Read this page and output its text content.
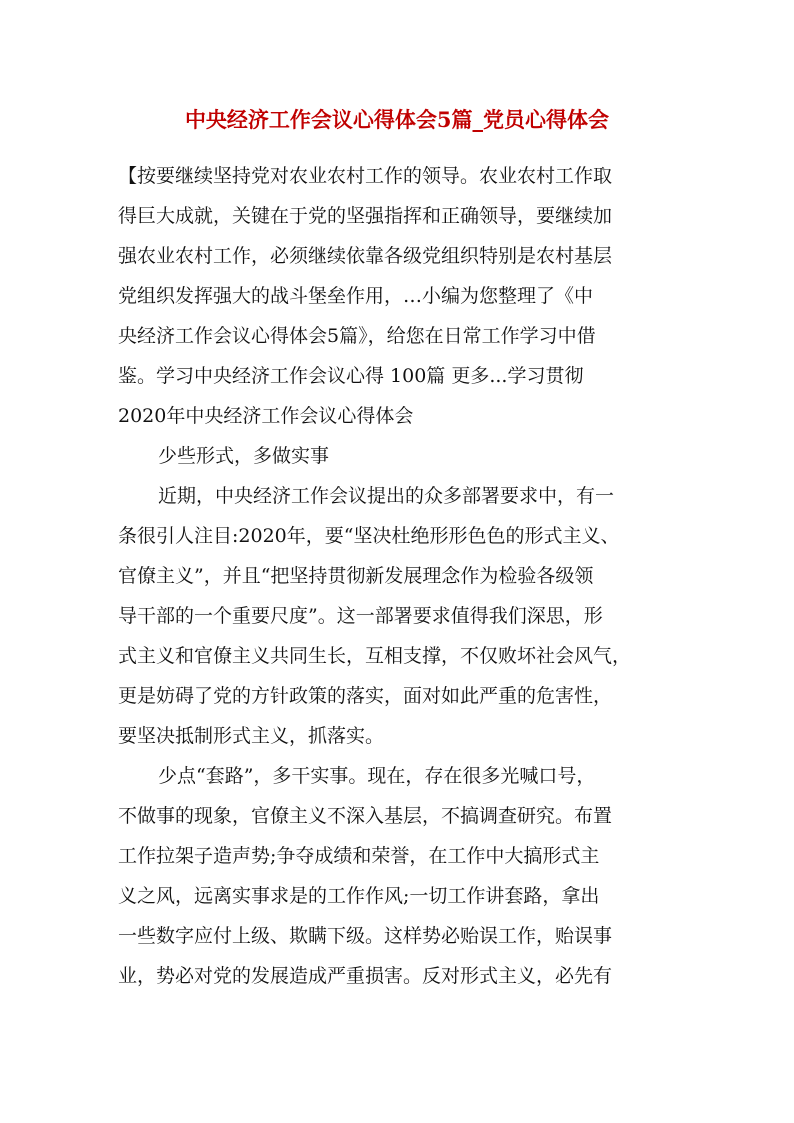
中央经济工作会议心得体会5篇_党员心得体会
【按要继续坚持党对农业农村工作的领导。农业农村工作取
得巨大成就，关键在于党的坚强指挥和正确领导，要继续加
强农业农村工作，必须继续依靠各级党组织特别是农村基层
党组织发挥强大的战斗堡垒作用，…小编为您整理了《中
央经济工作会议心得体会5篇》，给您在日常工作学习中借
鉴。学习中央经济工作会议心得 100篇 更多...学习贯彻
2020年中央经济工作会议心得体会
少些形式，多做实事
近期，中央经济工作会议提出的众多部署要求中，有一
条很引人注目:2020年，要“坚决杜绝形形色色的形式主义、
官僚主义”，并且“把坚持贯彻新发展理念作为检验各级领
导干部的一个重要尺度”。这一部署要求值得我们深思，形
式主义和官僚主义共同生长，互相支撑，不仅败坏社会风气，
更是妨碍了党的方针政策的落实，面对如此严重的危害性，
要坚决抵制形式主义，抓落实。
少点“套路”，多干实事。现在，存在很多光喊口号，
不做事的现象，官僚主义不深入基层，不搞调查研究。布置
工作拉架子造声势;争夺成绩和荣誉，在工作中大搞形式主
义之风，远离实事求是的工作作风;一切工作讲套路，拿出
一些数字应付上级、欺瞒下级。这样势必贻误工作，贻误事
业，势必对党的发展造成严重损害。反对形式主义，必先有
